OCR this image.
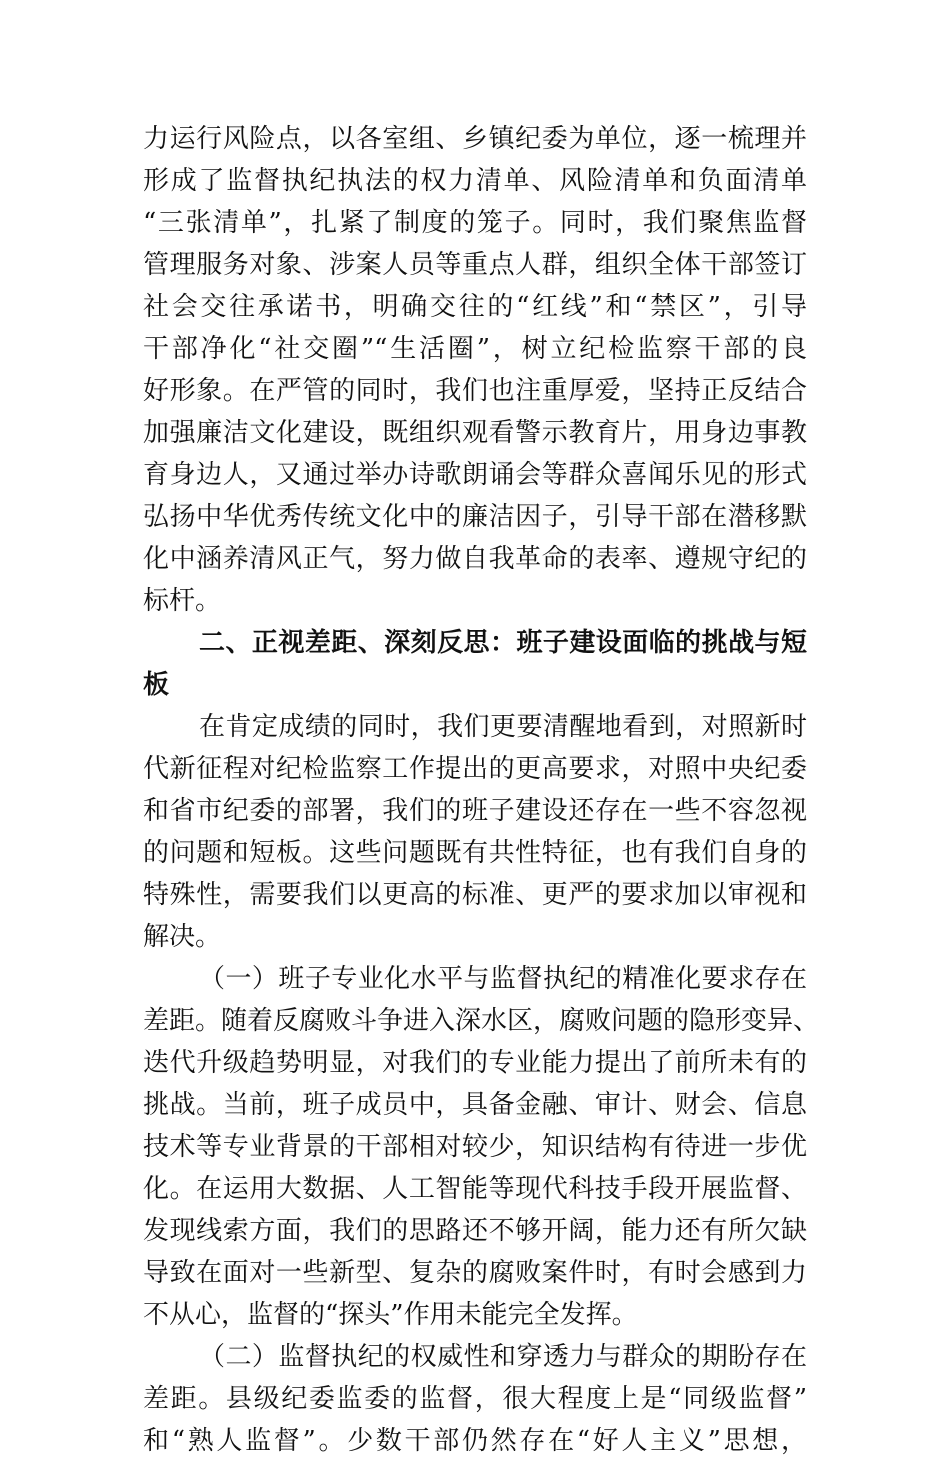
力运行风险点，以各室组、乡镇纪委为单位，逐一梳理并
形成了监督执纪执法的权力清单、风险清单和负面清单
“三张清单”，扎紧了制度的笼子。同时，我们聚焦监督
管理服务对象、涉案人员等重点人群，组织全体干部签订
社会交往承诺书，明确交往的“红线”和“禁区”，引导
干部净化“社交圈”“生活圈”，树立纪检监察干部的良
好形象。在严管的同时，我们也注重厚爱，坚持正反结合
加强廉洁文化建设，既组织观看警示教育片，用身边事教
育身边人，又通过举办诗歌朗诵会等群众喜闻乐见的形式
弘扬中华优秀传统文化中的廉洁因子，引导干部在潜移默
化中涵养清风正气，努力做自我革命的表率、遵规守纪的
标杆。
二、正视差距、深刻反思：班子建设面临的挑战与短
板
在肯定成绩的同时，我们更要清醒地看到，对照新时
代新征程对纪检监察工作提出的更高要求，对照中央纪委
和省市纪委的部署，我们的班子建设还存在一些不容忽视
的问题和短板。这些问题既有共性特征，也有我们自身的
特殊性，需要我们以更高的标准、更严的要求加以审视和
解决。
（一）班子专业化水平与监督执纪的精准化要求存在
差距。随着反腐败斗争进入深水区，腐败问题的隐形变异、
迭代升级趋势明显，对我们的专业能力提出了前所未有的
挑战。当前，班子成员中，具备金融、审计、财会、信息
技术等专业背景的干部相对较少，知识结构有待进一步优
化。在运用大数据、人工智能等现代科技手段开展监督、
发现线索方面，我们的思路还不够开阔，能力还有所欠缺
导致在面对一些新型、复杂的腐败案件时，有时会感到力
不从心，监督的“探头”作用未能完全发挥。
（二）监督执纪的权威性和穿透力与群众的期盼存在
差距。县级纪委监委的监督，很大程度上是“同级监督”
和“熟人监督”。少数干部仍然存在“好人主义”思想，
